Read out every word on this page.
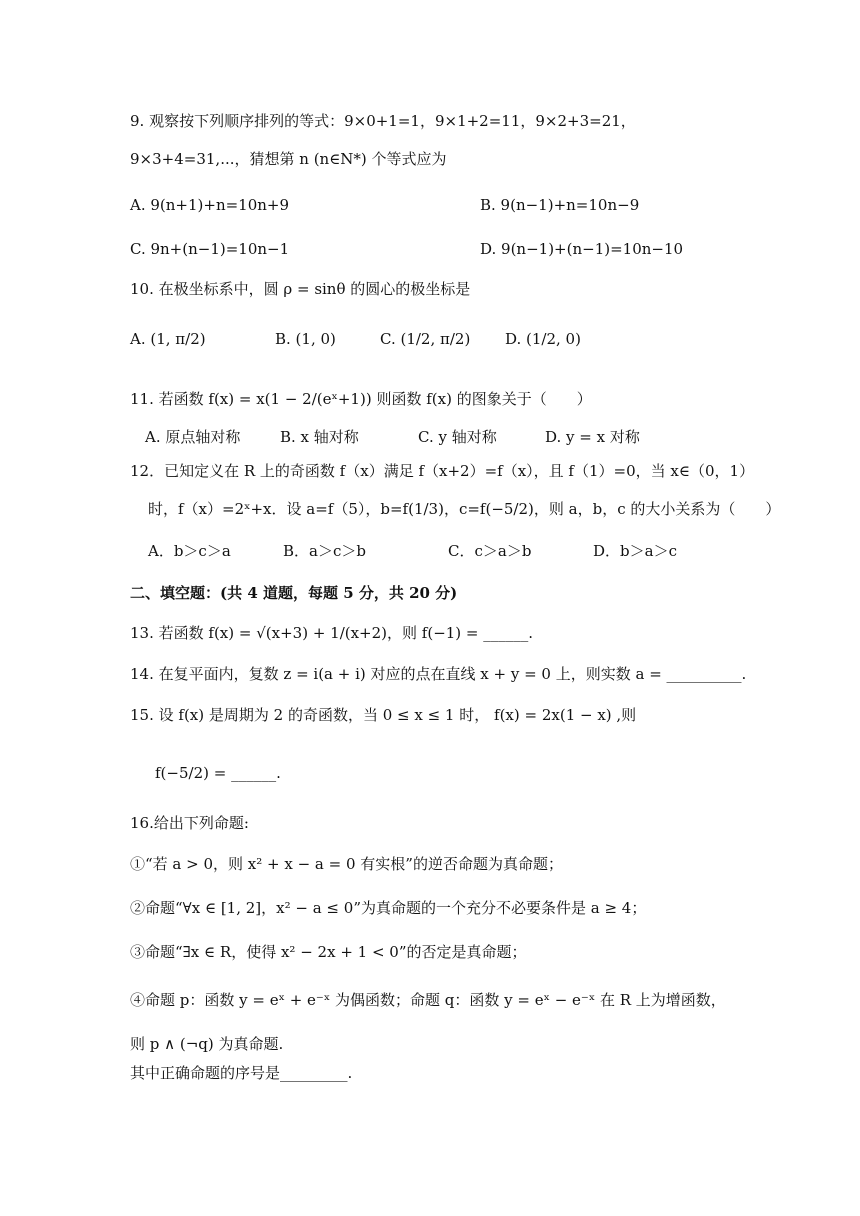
9. 观察按下列顺序排列的等式：9×0+1=1，9×1+2=11，9×2+3=21，
9×3+4=31,...，猜想第 n (n∈N*) 个等式应为
A. 9(n+1)+n=10n+9	B. 9(n−1)+n=10n−9
C. 9n+(n−1)=10n−1	D. 9(n−1)+(n−1)=10n−10
10. 在极坐标系中，圆 ρ = sinθ 的圆心的极坐标是
A. (1, π/2)	B. (1, 0)	C. (1/2, π/2) D. (1/2, 0)
11. 若函数 f(x) = x(1 − 2/(eˣ+1)) 则函数 f(x) 的图象关于（　　）
A. 原点轴对称	B. x 轴对称	C. y 轴对称	D. y = x 对称
12．已知定义在 R 上的奇函数 f（x）满足 f（x+2）=f（x），且 f（1）=0，当 x∈（0，1）
时，f（x）=2ˣ+x．设 a=f（5），b=f(1/3)，c=f(−5/2)，则 a，b，c 的大小关系为（　　）
A．b＞c＞a	B．a＞c＞b	C．c＞a＞b	D．b＞a＞c
二、填空题：(共 4 道题，每题 5 分，共 20 分)
13. 若函数 f(x) = √(x+3) + 1/(x+2)，则 f(−1) = ______.
14. 在复平面内，复数 z = i(a + i) 对应的点在直线 x + y = 0 上，则实数 a = __________.
15. 设 f(x) 是周期为 2 的奇函数，当 0 ≤ x ≤ 1 时， f(x) = 2x(1 − x) ,则
f(−5/2) = ______.
16.给出下列命题:
①“若 a > 0，则 x² + x − a = 0 有实根”的逆否命题为真命题；
②命题“∀x ∈ [1, 2]，x² − a ≤ 0”为真命题的一个充分不必要条件是 a ≥ 4；
③命题“∃x ∈ R，使得 x² − 2x + 1 < 0”的否定是真命题；
④命题 p：函数 y = eˣ + e⁻ˣ 为偶函数；命题 q：函数 y = eˣ − e⁻ˣ 在 R 上为增函数，
则 p ∧ (¬q) 为真命题.
其中正确命题的序号是_________.
